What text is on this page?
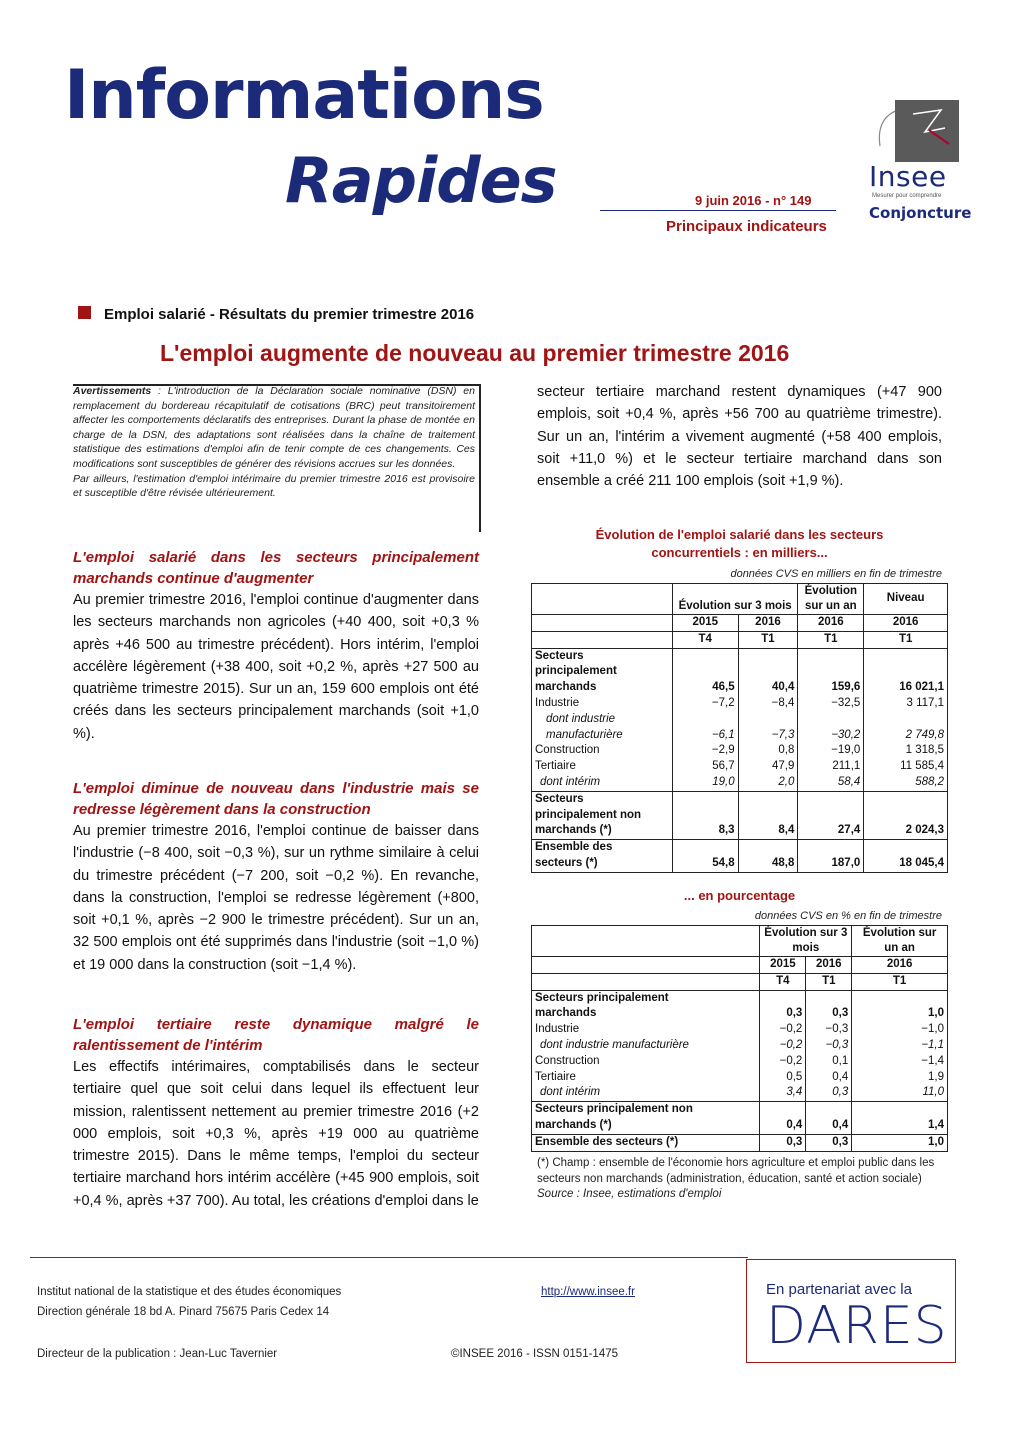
Informations
Rapides	9 juin 2016 - n° 149
Principaux indicateurs
Insee
Mesurer pour comprendre
Conjoncture
Emploi salarié - Résultats du premier trimestre 2016
L'emploi augmente de nouveau au premier trimestre 2016

Avertissements : L'introduction de la Déclaration sociale nominative (DSN) en remplacement du bordereau récapitulatif de cotisations (BRC) peut transitoirement affecter les comportements déclaratifs des entreprises. Durant la phase de montée en charge de la DSN, des adaptations sont réalisées dans la chaîne de traitement statistique des estimations d'emploi afin de tenir compte de ces changements. Ces modifications sont susceptibles de générer des révisions accrues sur les données.

Par ailleurs, l'estimation d'emploi intérimaire du premier trimestre 2016 est provisoire et susceptible d'être révisée ultérieurement.

L'emploi salarié dans les secteurs principalement marchands continue d'augmenter
Au premier trimestre 2016, l'emploi continue d'augmenter dans les secteurs marchands non agricoles (+40 400, soit +0,3 % après +46 500 au trimestre précédent). Hors intérim, l'emploi accélère légèrement (+38 400, soit +0,2 %, après +27 500 au quatrième trimestre 2015). Sur un an, 159 600 emplois ont été créés dans les secteurs principalement marchands (soit +1,0 %).
L'emploi diminue de nouveau dans l'industrie mais se redresse légèrement dans la construction
Au premier trimestre 2016, l'emploi continue de baisser dans l'industrie (−8 400, soit −0,3 %), sur un rythme similaire à celui du trimestre précédent (−7 200, soit −0,2 %). En revanche, dans la construction, l'emploi se redresse légèrement (+800, soit +0,1 %, après −2 900 le trimestre précédent). Sur un an, 32 500 emplois ont été supprimés dans l'industrie (soit −1,0 %) et 19 000 dans la construction (soit −1,4 %).
L'emploi tertiaire reste dynamique malgré le ralentissement de l'intérim
Les effectifs intérimaires, comptabilisés dans le secteur tertiaire quel que soit celui dans lequel ils effectuent leur mission, ralentissent nettement au premier trimestre 2016 (+2 000 emplois, soit +0,3 %, après +19 000 au quatrième trimestre 2015). Dans le même temps, l'emploi du secteur tertiaire marchand hors intérim accélère (+45 900 emplois, soit +0,4 %, après +37 700). Au total, les créations d'emploi dans le
secteur tertiaire marchand restent dynamiques (+47 900 emplois, soit +0,4 %, après +56 700 au quatrième trimestre). Sur un an, l'intérim a vivement augmenté (+58 400 emplois, soit +11,0 %) et le secteur tertiaire marchand dans son ensemble a créé 211 100 emplois (soit +1,9 %).
Évolution de l'emploi salarié dans les secteurs
concurrentiels : en milliers...
données CVS en milliers en fin de trimestre
	Évolution sur 3 mois		Évolution sur un an	Niveau
	2015	2016	2016	2016
	T4	T1	T1	T1
Secteurs principalement marchands	46,5	40,4	159,6	16 021,1
Industrie	−7,2	−8,4	−32,5	3 117,1
dont industrie manufacturière	−6,1	−7,3	−30,2	2 749,8
Construction	−2,9	0,8	−19,0	1 318,5
Tertiaire	56,7	47,9	211,1	11 585,4
dont intérim	19,0	2,0	58,4	588,2
Secteurs principalement non marchands (*)	8,3	8,4	27,4	2 024,3
Ensemble des secteurs (*)	54,8	48,8	187,0	18 045,4
... en pourcentage
données CVS en % en fin de trimestre
	Évolution sur 3 mois		Évolution sur un an
	2015	2016	2016
	T4	T1	T1
Secteurs principalement marchands	0,3	0,3	1,0
Industrie	−0,2	−0,3	−1,0
dont industrie manufacturière	−0,2	−0,3	−1,1
Construction	−0,2	0,1	−1,4
Tertiaire	0,5	0,4	1,9
dont intérim	3,4	0,3	11,0
Secteurs principalement non marchands (*)	0,4	0,4	1,4
Ensemble des secteurs (*)	0,3	0,3	1,0
(*) Champ : ensemble de l'économie hors agriculture et emploi public dans les secteurs non marchands (administration, éducation, santé et action sociale)
Source : Insee, estimations d'emploi
En partenariat avec la
DARES
Institut national de la statistique et des études économiques
Direction générale 18 bd A. Pinard 75675 Paris Cedex 14
http://www.insee.fr
Directeur de la publication : Jean-Luc Tavernier	©INSEE 2016 - ISSN 0151-1475
